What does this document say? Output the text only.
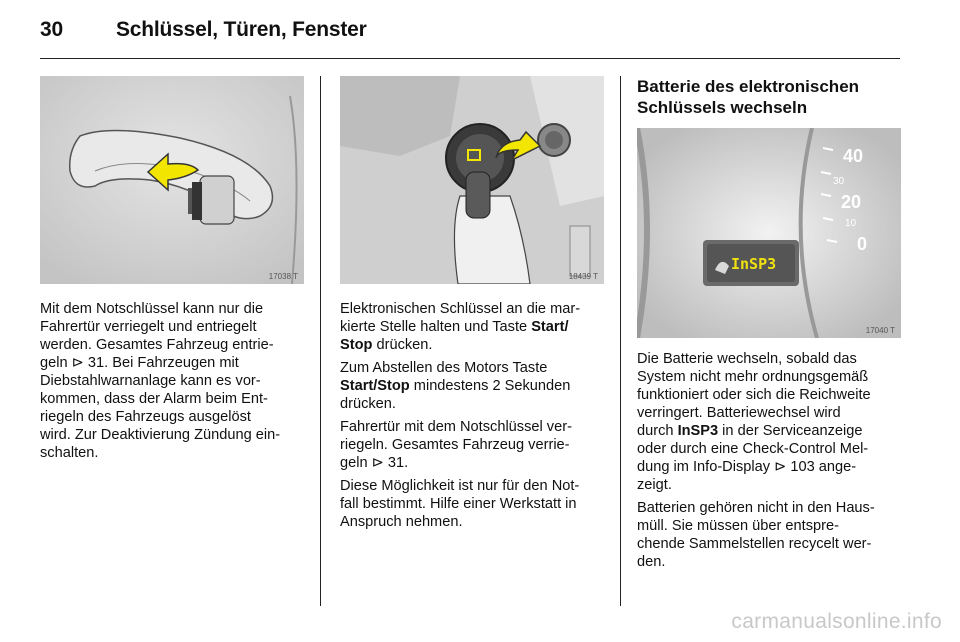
30	Schlüssel, Türen, Fenster
17038 T	18439 T
Mit dem Notschlüssel kann nur die
Fahrertür verriegelt und entriegelt
werden. Gesamtes Fahrzeug entrie-
geln ⊳ 31. Bei Fahrzeugen mit
Diebstahlwarnanlage kann es vor-
kommen, dass der Alarm beim Ent-
riegeln des Fahrzeugs ausgelöst
wird. Zur Deaktivierung Zündung ein-
schalten.

Elektronischen Schlüssel an die mar-
kierte Stelle halten und Taste Start/
Stop drücken.

Zum Abstellen des Motors Taste
Start/Stop mindestens 2 Sekunden
drücken.

Fahrertür mit dem Notschlüssel ver-
riegeln. Gesamtes Fahrzeug verrie-
geln ⊳ 31.

Diese Möglichkeit ist nur für den Not-
fall bestimmt. Hilfe einer Werkstatt in
Anspruch nehmen.

Batterie des elektronischen
Schlüssels wechseln
InSP3
40
30
20
10
0
17040 T

Die Batterie wechseln, sobald das
System nicht mehr ordnungsgemäß
funktioniert oder sich die Reichweite
verringert. Batteriewechsel wird
durch InSP3 in der Serviceanzeige
oder durch eine Check-Control Mel-
dung im Info-Display ⊳ 103 ange-
zeigt.

Batterien gehören nicht in den Haus-
müll. Sie müssen über entspre-
chende Sammelstellen recycelt wer-
den.

carmanualsonline.info
